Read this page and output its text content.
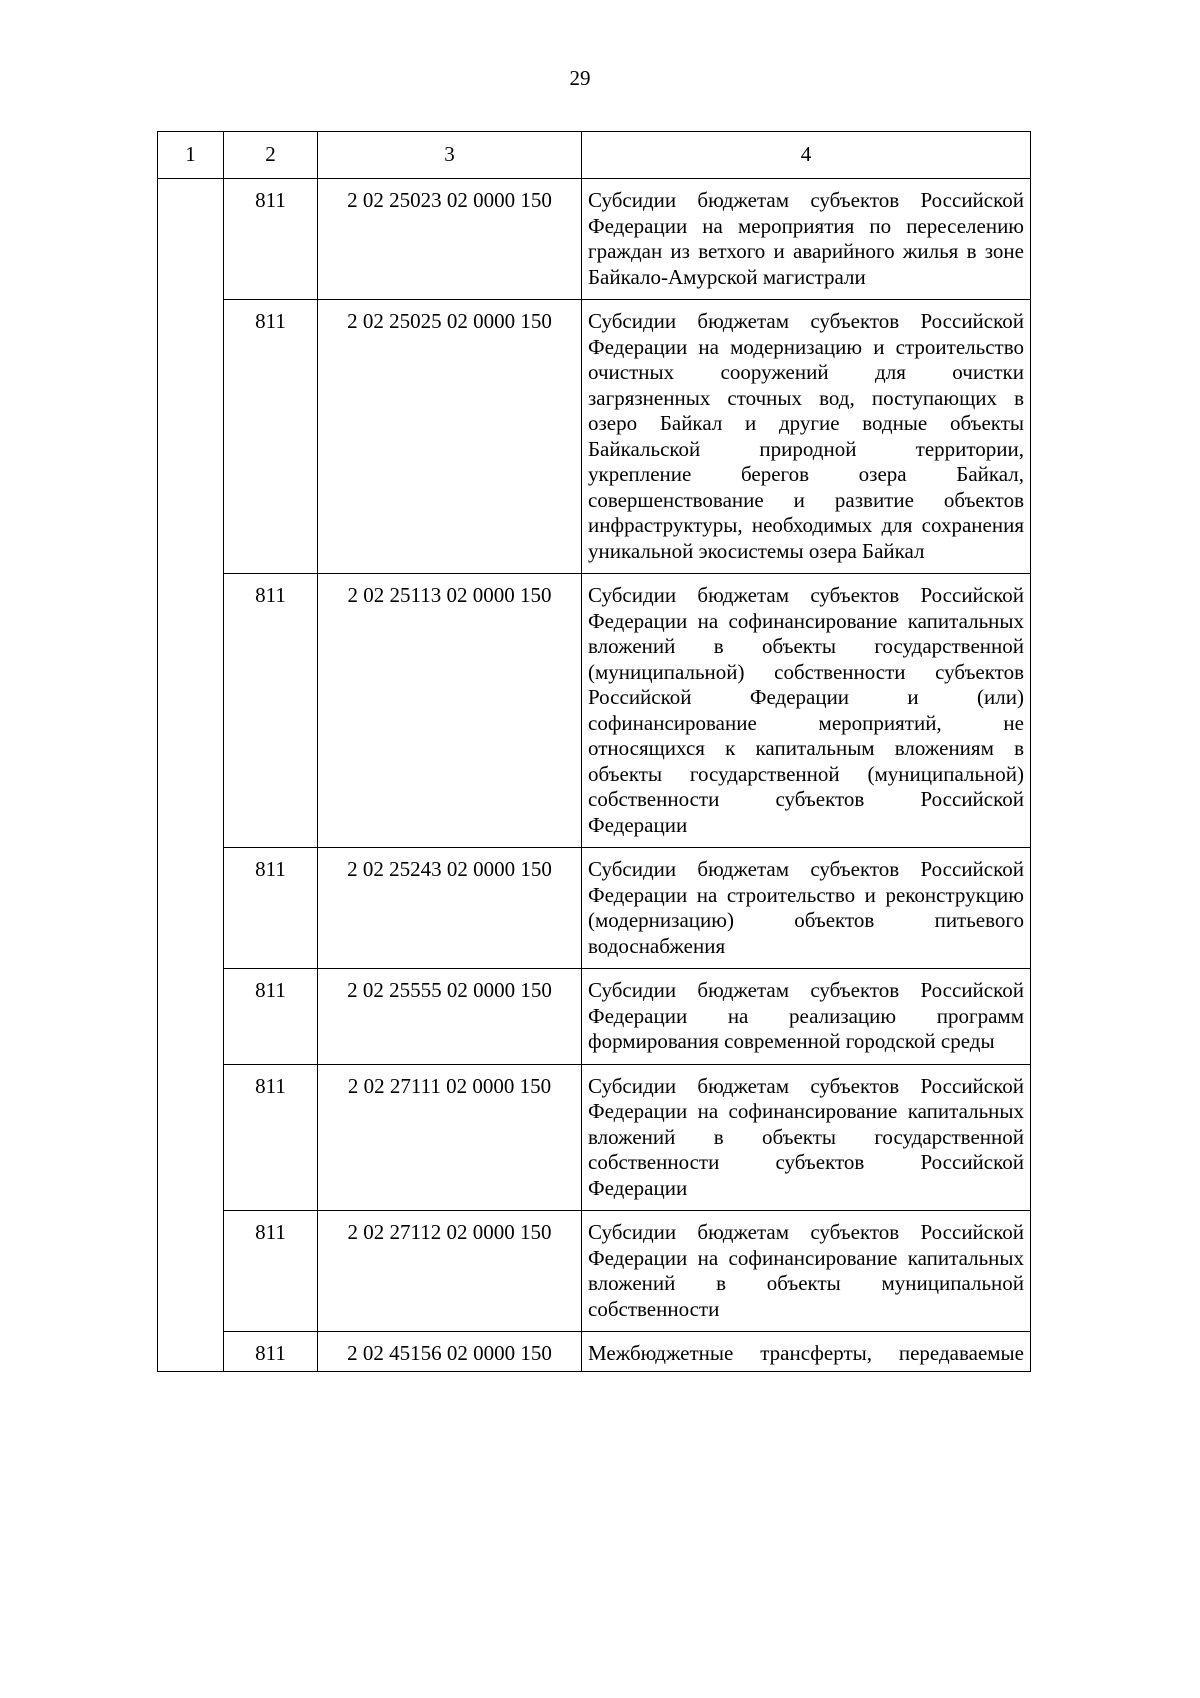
29
1	2	3	4
	811	2 02 25023 02 0000 150	Субсидии бюджетам субъектов Российской Федерации на мероприятия по переселению граждан из ветхого и аварийного жилья в зоне Байкало-Амурской магистрали
	811	2 02 25025 02 0000 150	Субсидии бюджетам субъектов Российской Федерации на модернизацию и строительство очистных сооружений для очистки загрязненных сточных вод, поступающих в озеро Байкал и другие водные объекты Байкальской природной территории, укрепление берегов озера Байкал, совершенствование и развитие объектов инфраструктуры, необходимых для сохранения уникальной экосистемы озера Байкал
	811	2 02 25113 02 0000 150	Субсидии бюджетам субъектов Российской Федерации на софинансирование капитальных вложений в объекты государственной (муниципальной) собственности субъектов Российской Федерации и (или) софинансирование мероприятий, не относящихся к капитальным вложениям в объекты государственной (муниципальной) собственности субъектов Российской Федерации
	811	2 02 25243 02 0000 150	Субсидии бюджетам субъектов Российской Федерации на строительство и реконструкцию (модернизацию) объектов питьевого водоснабжения
	811	2 02 25555 02 0000 150	Субсидии бюджетам субъектов Российской Федерации на реализацию программ формирования современной городской среды
	811	2 02 27111 02 0000 150	Субсидии бюджетам субъектов Российской Федерации на софинансирование капитальных вложений в объекты государственной собственности субъектов Российской Федерации
	811	2 02 27112 02 0000 150	Субсидии бюджетам субъектов Российской Федерации на софинансирование капитальных вложений в объекты муниципальной собственности
	811	2 02 45156 02 0000 150	Межбюджетные трансферты, передаваемые
